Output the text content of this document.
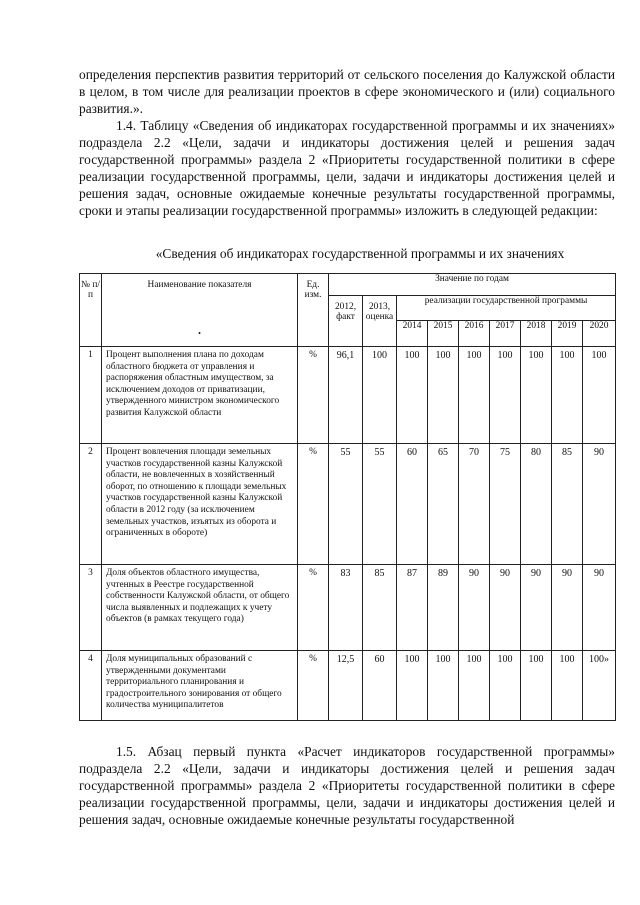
определения перспектив развития территорий от сельского поселения до Калужской области в целом, в том числе для реализации проектов в сфере экономического и (или) социального развития.».
1.4. Таблицу «Сведения об индикаторах государственной программы и их значениях» подраздела 2.2 «Цели, задачи и индикаторы достижения целей и решения задач государственной программы» раздела 2 «Приоритеты государственной политики в сфере реализации государственной программы, цели, задачи и индикаторы достижения целей и решения задач, основные ожидаемые конечные результаты государственной программы, сроки и этапы реализации государственной программы» изложить в следующей редакции:
«Сведения об индикаторах государственной программы и их значениях
№ п/п	Наименование показателя
•	Ед. изм.	Значение по годам								
			2012, факт	2013, оценка	реализации государственной программы						
					2014	2015	2016	2017	2018	2019	2020
1	Процент выполнения плана по доходам областного бюджета от управления и распоряжения областным имуществом, за исключением доходов от приватизации, утвержденного министром экономического развития Калужской области	%	96,1	100	100	100	100	100	100	100	100
2	Процент вовлечения площади земельных участков государственной казны Калужской области, не вовлеченных в хозяйственный оборот, по отношению к площади земельных участков государственной казны Калужской области в 2012 году (за исключением земельных участков, изъятых из оборота и ограниченных в обороте)	%	55	55	60	65	70	75	80	85	90
3	Доля объектов областного имущества, учтенных в Реестре государственной собственности Калужской области, от общего числа выявленных и подлежащих к учету объектов (в рамках текущего года)	%	83	85	87	89	90	90	90	90	90
4	Доля муниципальных образований с утвержденными документами территориального планирования и градостроительного зонирования от общего количества муниципалитетов	%	12,5	60	100	100	100	100	100	100	100»
1.5. Абзац первый пункта «Расчет индикаторов государственной программы» подраздела 2.2 «Цели, задачи и индикаторы достижения целей и решения задач государственной программы» раздела 2 «Приоритеты государственной политики в сфере реализации государственной программы, цели, задачи и индикаторы достижения целей и решения задач, основные ожидаемые конечные результаты государственной
